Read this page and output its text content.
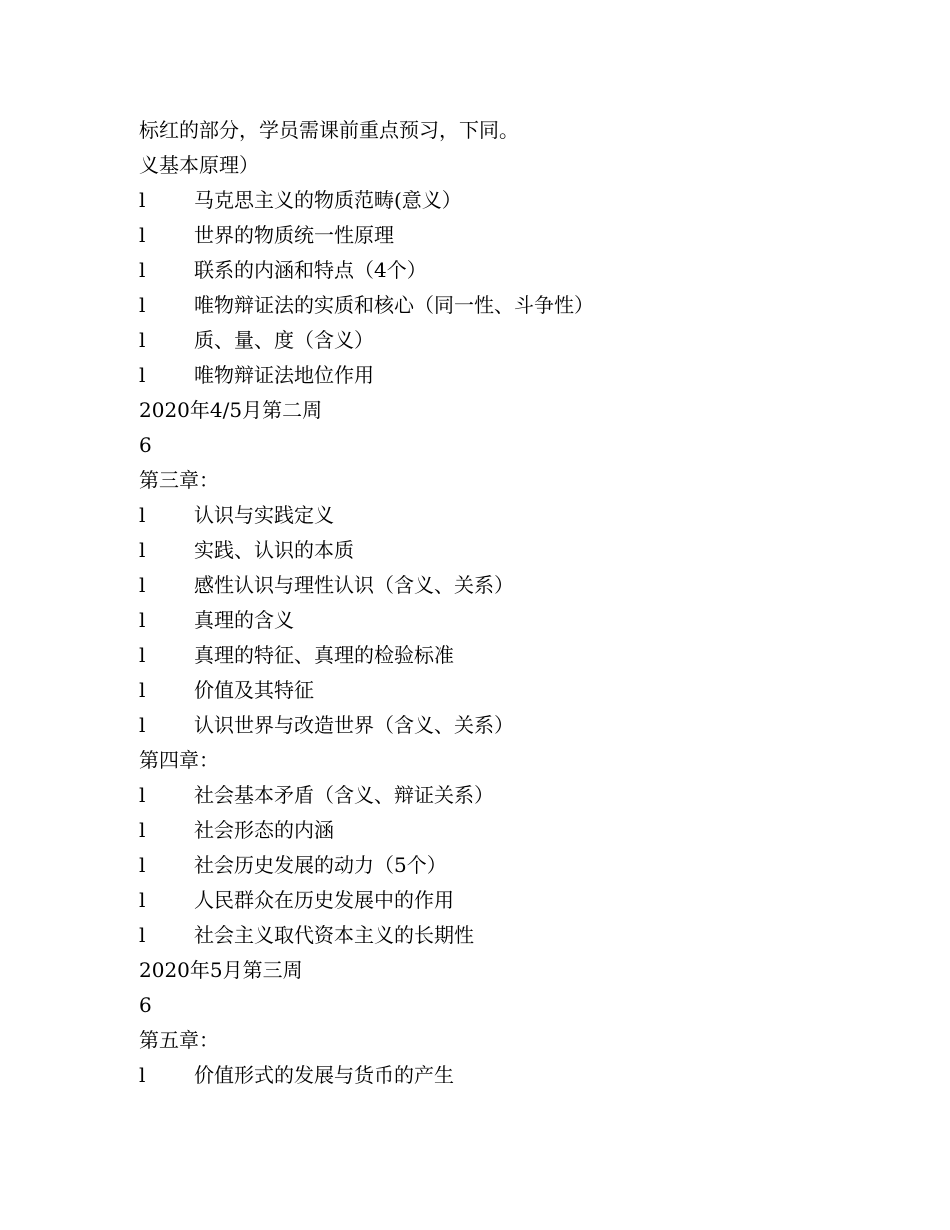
标红的部分，学员需课前重点预习，下同。
义基本原理）
l	马克思主义的物质范畴(意义）
l	世界的物质统一性原理
l	联系的内涵和特点（4个）
l	唯物辩证法的实质和核心（同一性、斗争性）
l	质、量、度（含义）
l	唯物辩证法地位作用
2020年4/5月第二周
6
第三章：
l	认识与实践定义
l	实践、认识的本质
l	感性认识与理性认识（含义、关系）
l	真理的含义
l	真理的特征、真理的检验标准
l	价值及其特征
l	认识世界与改造世界（含义、关系）
第四章：
l	社会基本矛盾（含义、辩证关系）
l	社会形态的内涵
l	社会历史发展的动力（5个）
l	人民群众在历史发展中的作用
l	社会主义取代资本主义的长期性
2020年5月第三周
6
第五章：
l	价值形式的发展与货币的产生
